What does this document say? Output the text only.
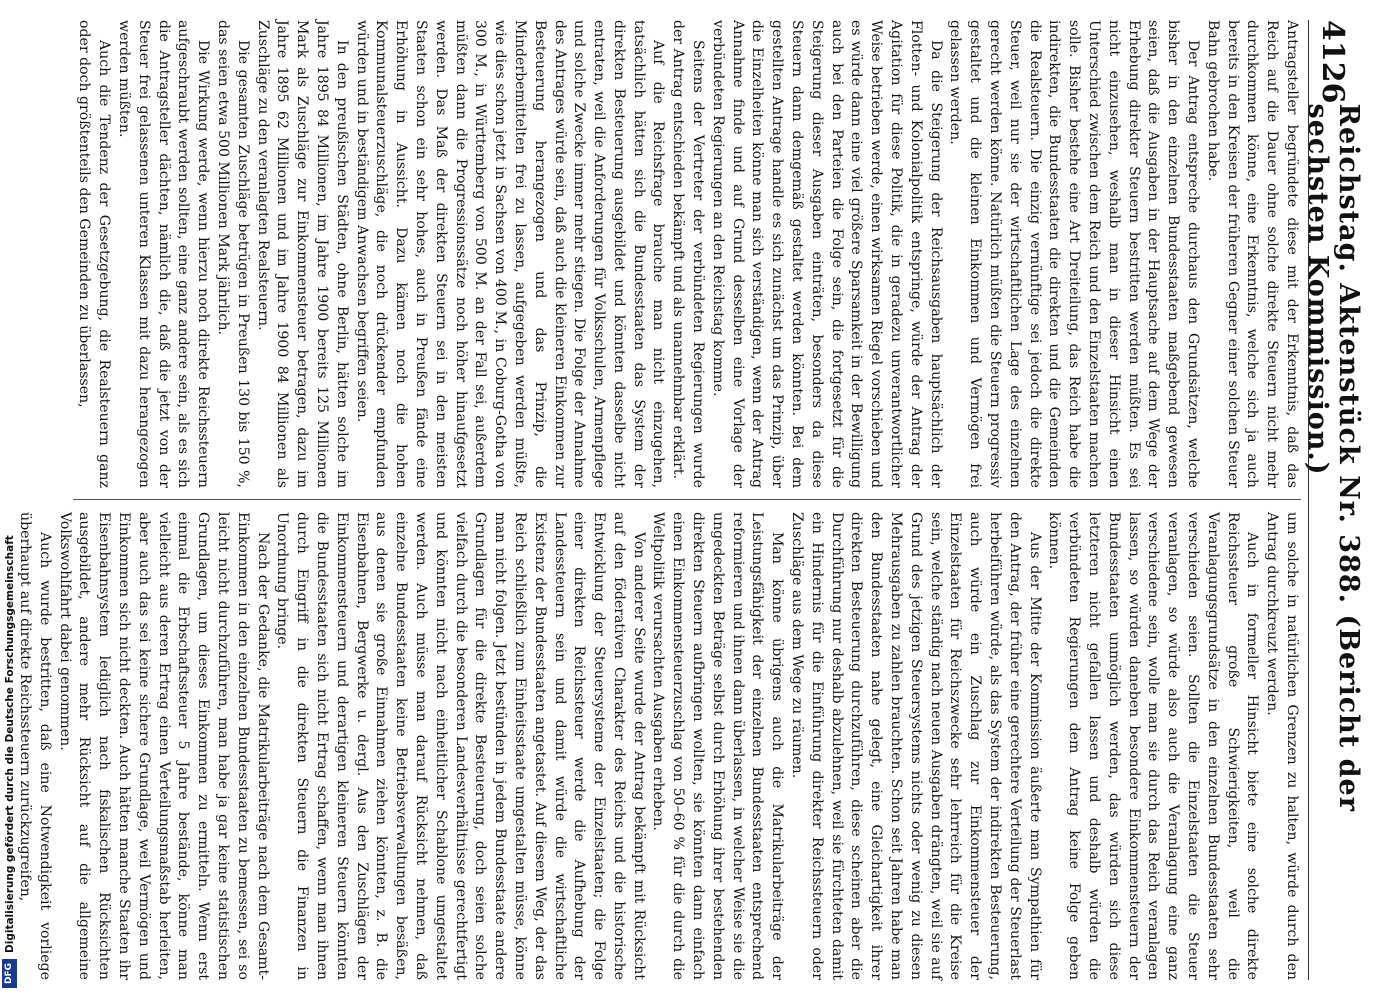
DFG
Digitalisierung gefördert durch die Deutsche Forschungsgemeinschaft
4126
Reichstag. Aktenstück Nr. 388. (Bericht der sechsten Kommission.)

Antragsteller begründete diese mit der Erkenntnis, daß das Reich auf die Dauer ohne solche direkte Steuern nicht mehr durchkommen könne, eine Erkenntnis, welche sich ja auch bereits in den Kreisen der früheren Gegner einer solchen Steuer Bahn gebrochen habe.

Der Antrag entspreche durchaus den Grundsätzen, welche bisher in den einzelnen Bundesstaaten maßgebend gewesen seien, daß die Ausgaben in der Hauptsache auf dem Wege der Erhebung direkter Steuern bestritten werden müßten. Es sei nicht einzusehen, weshalb man in dieser Hinsicht einen Unterschied zwischen dem Reich und den Einzelstaaten machen solle. Bisher bestehe eine Art Dreiteilung, das Reich habe die indirekten, die Bundesstaaten die direkten und die Gemeinden die Realsteuern. Die einzig vernünftige sei jedoch die direkte Steuer, weil nur sie der wirtschaftlichen Lage des einzelnen gerecht werden könne. Natürlich müßten die Steuern progressiv gestaltet und die kleinen Einkommen und Vermögen frei gelassen werden.

Da die Steigerung der Reichsausgaben hauptsächlich der Flotten- und Kolonialpolitik entspringe, würde der Antrag der Agitation für diese Politik, die in geradezu unverantwortlicher Weise betrieben werde, einen wirksamen Riegel vorschieben und es würde dann eine viel größere Sparsamkeit in der Bewilligung auch bei den Parteien die Folge sein, die fortgesetzt für die Steigerung dieser Ausgaben einträten, besonders da diese Steuern dann demgemäß gestaltet werden könnten. Bei dem gestellten Antrage handle es sich zunächst um das Prinzip, über die Einzelheiten könne man sich verständigen, wenn der Antrag Annahme finde und auf Grund desselben eine Vorlage der verbündeten Regierungen an den Reichstag komme.

Seitens der Vertreter der verbündeten Regierungen wurde der Antrag entschieden bekämpft und als unannehmbar erklärt.

Auf die Reichsfrage brauche man nicht einzugehen, tatsächlich hätten sich die Bundesstaaten das System der direkten Besteuerung ausgebildet und könnten dasselbe nicht entraten, weil die Anforderungen für Volksschulen, Armenpflege und solche Zwecke immer mehr stiegen. Die Folge der Annahme des Antrages würde sein, daß auch die kleineren Einkommen zur Besteuerung herangezogen und das Prinzip, die Minderbemittelten frei zu lassen, aufgegeben werden müßte, wie dies schon jetzt in Sachsen von 400 M., in Coburg-Gotha von 300 M., in Württemberg von 500 M. an der Fall sei, außerdem müßten dann die Progressionssätze noch höher hinaufgesetzt werden. Das Maß der direkten Steuern sei in den meisten Staaten schon ein sehr hohes, auch in Preußen fände eine Erhöhung in Aussicht. Dazu kämen noch die hohen Kommunalsteuerzuschläge, die noch drückender empfunden würden und in beständigem Anwachsen begriffen seien.

In den preußischen Städten, ohne Berlin, hätten solche im Jahre 1895 84 Millionen, im Jahre 1900 bereits 125 Millionen Mark als Zuschläge zur Einkommensteuer betragen, dazu im Jahre 1895 62 Millionen und im Jahre 1900 84 Millionen als Zuschläge zu den veranlagten Realsteuern.

Die gesamten Zuschläge betrügen in Preußen 130 bis 150 %, das seien etwa 500 Millionen Mark jährlich.

Die Wirkung werde, wenn hierzu noch direkte Reichssteuern aufgeschraubt werden sollten, eine ganz andere sein, als es sich die Antragsteller dächten, nämlich die, daß die jetzt von der Steuer frei gelassenen unteren Klassen mit dazu herangezogen werden müßten.

Auch die Tendenz der Gesetzgebung, die Realsteuern ganz oder doch größtenteils den Gemeinden zu überlassen,

um solche in natürlichen Grenzen zu halten, würde durch den Antrag durchkreuzt werden.

Auch in formeller Hinsicht biete eine solche direkte Reichssteuer große Schwierigkeiten, weil die Veranlagungsgrundsätze in den einzelnen Bundesstaaten sehr verschieden seien. Sollten die Einzelstaaten die Steuer veranlagen, so würde also auch die Veranlagung eine ganz verschiedene sein, wolle man sie durch das Reich veranlagen lassen, so würden daneben besondere Einkommensteuern der Bundesstaaten unmöglich werden, das würden sich diese letzteren nicht gefallen lassen und deshalb würden die verbündeten Regierungen dem Antrag keine Folge geben können.

Aus der Mitte der Kommission äußerte man Sympathien für den Antrag, der früher eine gerechtere Verteilung der Steuerlast herbeiführen würde, als das System der indirekten Besteuerung, auch würde ein Zuschlag zur Einkommensteuer der Einzelstaaten für Reichszwecke sehr lehrreich für die Kreise sein, welche ständig nach neuen Ausgaben drängten, weil sie auf Grund des jetzigen Steuersystems nichts oder wenig zu diesen Mehrausgaben zu zahlen brauchten. Schon seit Jahren habe man den Bundesstaaten nahe gelegt, eine Gleichartigkeit ihrer direkten Besteuerung durchzuführen, diese scheinen aber die Durchführung nur deshalb abzulehnen, weil sie fürchteten damit ein Hindernis für die Einführung direkter Reichssteuern oder Zuschläge aus dem Wege zu räumen.

Man könne übrigens auch die Matrikularbeiträge der Leistungsfähigkeit der einzelnen Bundesstaaten entsprechend reformieren und ihnen dann überlassen, in welcher Weise sie die ungedeckten Beträge selbst durch Erhöhung ihrer bestehenden direkten Steuern aufbringen wollten, sie könnten dann einfach einen Einkommensteuerzuschlag von 50–60 % für die durch die Weltpolitik verursachten Ausgaben erheben.

Von anderer Seite wurde der Antrag bekämpft mit Rücksicht auf den föderativen Charakter des Reichs und die historische Entwicklung der Steuersysteme der Einzelstaaten; die Folge einer direkten Reichssteuer werde die Aufhebung der Landessteuern sein und damit würde die wirtschaftliche Existenz der Bundesstaaten angetastet. Auf diesem Weg, der das Reich schließlich zum Einheitsstaate umgestalten müsse, könne man nicht folgen. Jetzt bestünden in jedem Bundesstaate andere Grundlagen für die direkte Besteuerung, doch seien solche vielfach durch die besonderen Landesverhältnisse gerechtfertigt und könnten nicht nach einheitlicher Schablone umgestaltet werden. Auch müsse man darauf Rücksicht nehmen, daß einzelne Bundesstaaten keine Betriebsverwaltungen besäßen, aus denen sie große Einnahmen ziehen könnten, z. B. die Eisenbahnen, Bergwerke u. dergl. Aus den Zuschlägen der Einkommensteuern und derartigen kleineren Steuern könnten die Bundesstaaten sich nicht Ertrag schaffen, wenn man ihnen durch Eingriff in die direkten Steuern die Finanzen in Unordnung bringe.

Nach der Gedanke, die Matrikularbeiträge nach dem Gesamt-Einkommen in den einzelnen Bundesstaaten zu bemessen, sei so leicht nicht durchzuführen, man habe ja gar keine statistischen Grundlagen, um dieses Einkommen zu ermitteln. Wenn erst einmal die Erbschaftssteuer 5 Jahre bestände, könne man vielleicht aus deren Ertrag einen Verteilungsmaßstab herleiten, aber auch das sei keine sichere Grundlage, weil Vermögen und Einkommen sich nicht deckten. Auch hätten manche Staaten ihr Eisenbahnsystem lediglich nach fiskalischen Rücksichten ausgebildet, andere mehr Rücksicht auf die allgemeine Volkswohlfahrt dabei genommen.

Auch wurde bestritten, daß eine Notwendigkeit vorliege überhaupt auf direkte Reichssteuern zurückzugreifen,
